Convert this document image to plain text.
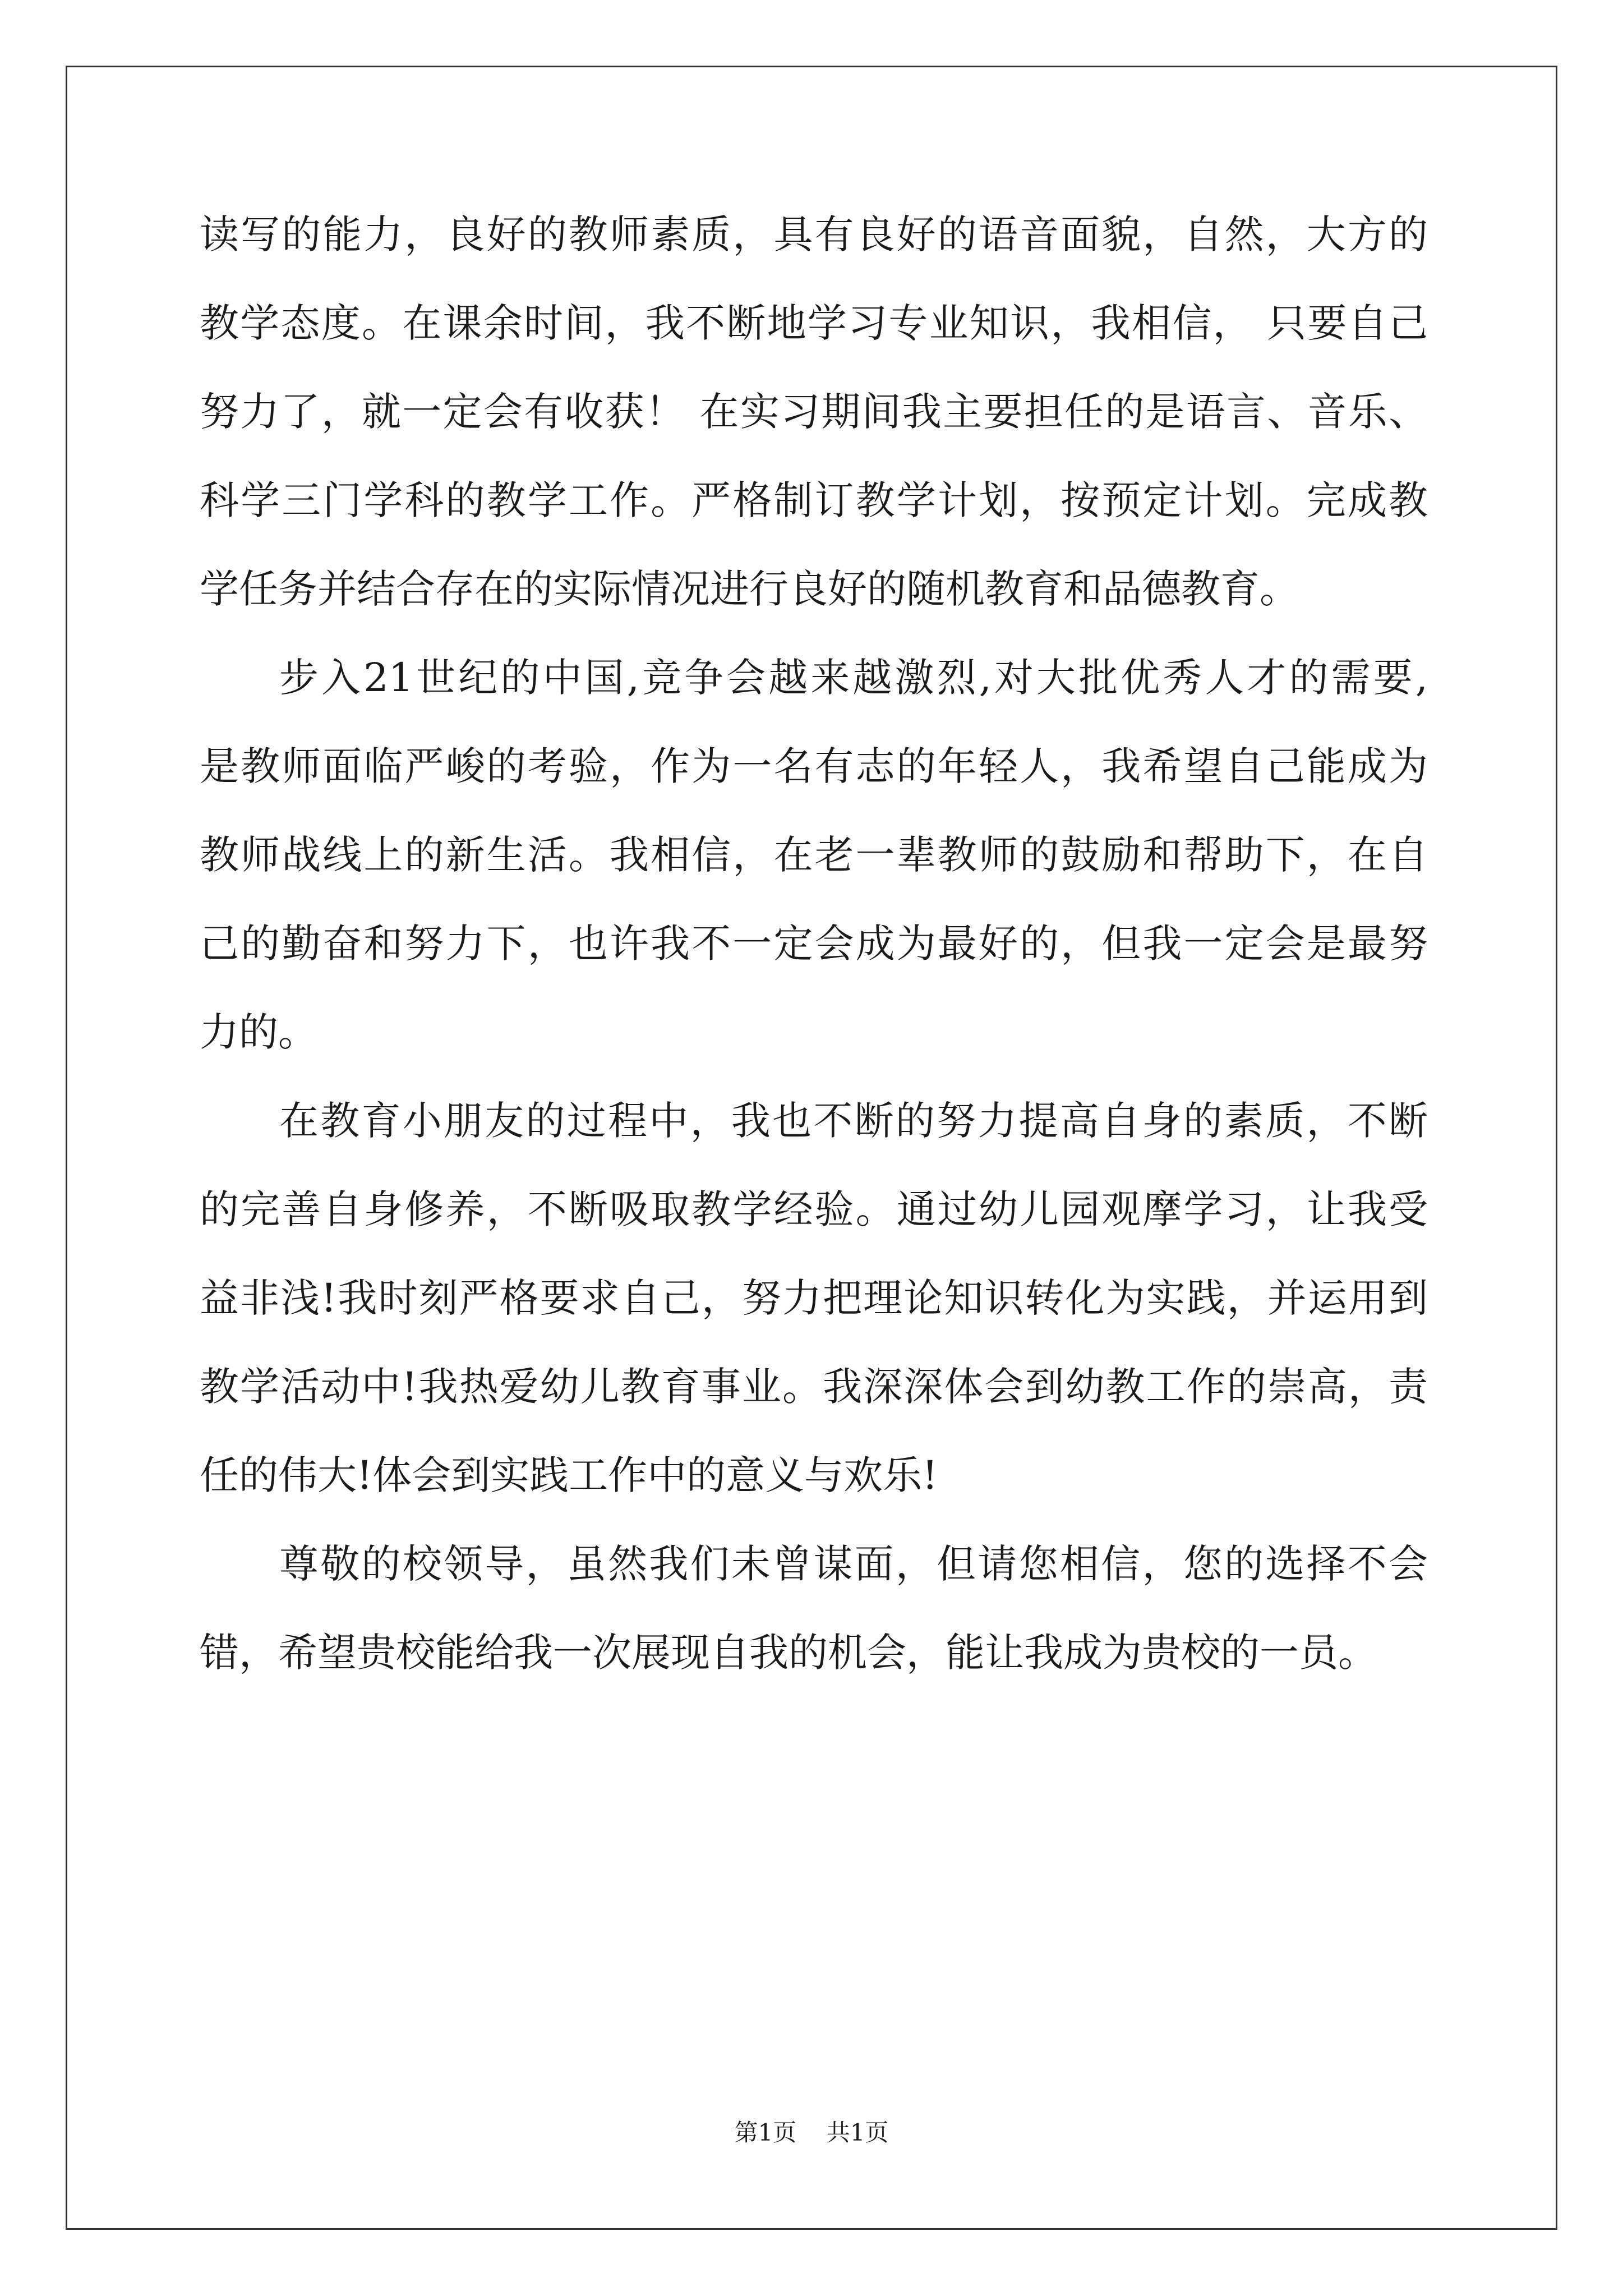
读写的能力，良好的教师素质，具有良好的语音面貌，自然，大方的
教学态度。在课余时间，我不断地学习专业知识，我相信， 只要自己
努力了，就一定会有收获！ 在实习期间我主要担任的是语言、音乐、
科学三门学科的教学工作。严格制订教学计划，按预定计划。完成教
学任务并结合存在的实际情况进行良好的随机教育和品德教育。
步入21世纪的中国,竞争会越来越激烈,对大批优秀人才的需要,
是教师面临严峻的考验，作为一名有志的年轻人，我希望自己能成为
教师战线上的新生活。我相信，在老一辈教师的鼓励和帮助下，在自
己的勤奋和努力下，也许我不一定会成为最好的，但我一定会是最努
力的。
在教育小朋友的过程中，我也不断的努力提高自身的素质，不断
的完善自身修养，不断吸取教学经验。通过幼儿园观摩学习，让我受
益非浅!我时刻严格要求自己，努力把理论知识转化为实践，并运用到
教学活动中!我热爱幼儿教育事业。我深深体会到幼教工作的崇高，责
任的伟大!体会到实践工作中的意义与欢乐!
尊敬的校领导，虽然我们未曾谋面，但请您相信，您的选择不会
错，希望贵校能给我一次展现自我的机会，能让我成为贵校的一员。
第1页 共1页
